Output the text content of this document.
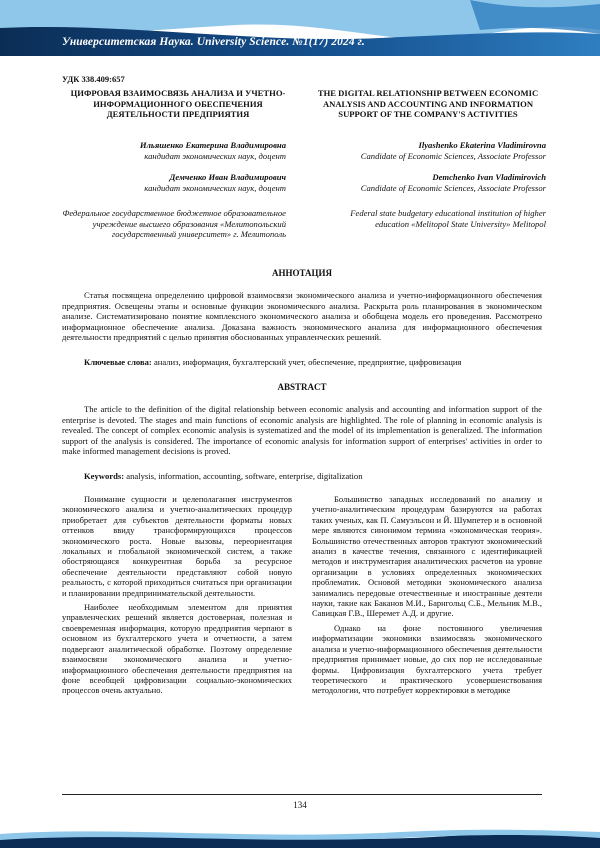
Университетская Наука. University Science. №1(17) 2024 г.
УДК 338.409:657
ЦИФРОВАЯ ВЗАИМОСВЯЗЬ АНАЛИЗА И УЧЕТНО-ИНФОРМАЦИОННОГО ОБЕСПЕЧЕНИЯ ДЕЯТЕЛЬНОСТИ ПРЕДПРИЯТИЯ
THE DIGITAL RELATIONSHIP BETWEEN ECONOMIC ANALYSIS AND ACCOUNTING AND INFORMATION SUPPORT OF THE COMPANY'S ACTIVITIES
Ильяшенко Екатерина Владимировна
кандидат экономических наук, доцент
Демченко Иван Владимирович
кандидат экономических наук, доцент
Ilyashenko Ekaterina Vladimirovna
Candidate of Economic Sciences, Associate Professor
Demchenko Ivan Vladimirovich
Candidate of Economic Sciences, Associate Professor
Федеральное государственное бюджетное образовательное учреждение высшего образования «Мелитопольский государственный университет» г. Мелитополь
Federal state budgetary educational institution of higher education «Melitopol State University» Melitopol
АННОТАЦИЯ

Статья посвящена определению цифровой взаимосвязи экономического анализа и учетно-информационного обеспечения предприятия. Освещены этапы и основные функции экономического анализа. Раскрыта роль планирования в экономическом анализе. Систематизировано понятие комплексного экономического анализа и обобщена модель его проведения. Рассмотрено информационное обеспечение анализа. Доказана важность экономического анализа для информационного обеспечения деятельности предприятий с целью принятия обоснованных управленческих решений.

Ключевые слова: анализ, информация, бухгалтерский учет, обеспечение, предприятие, цифровизация
ABSTRACT

The article to the definition of the digital relationship between economic analysis and accounting and information support of the enterprise is devoted. The stages and main functions of economic analysis are highlighted. The role of planning in economic analysis is revealed. The concept of complex economic analysis is systematized and the model of its implementation is generalized. The information support of the analysis is considered. The importance of economic analysis for information support of enterprises' activities in order to make informed management decisions is proved.

Keywords: analysis, information, accounting, software, enterprise, digitalization

Понимание сущности и целеполагания инструментов экономического анализа и учетно-аналитических процедур приобретает для субъектов деятельности форматы новых оттенков ввиду трансформирующихся процессов экономического роста. Новые вызовы, переориентация локальных и глобальной экономической систем, а также обостряющаяся конкурентная борьба за ресурсное обеспечение деятельности представляют собой новую реальность, с которой приходиться считаться при организации и планировании предпринимательской деятельности.

Наиболее необходимым элементом для принятия управленческих решений является достоверная, полезная и своевременная информация, которую предприятия черпают в основном из бухгалтерского учета и отчетности, а затем подвергают аналитической обработке. Поэтому определение взаимосвязи экономического анализа и учетно-информационного обеспечения деятельности предприятия на фоне всеобщей цифровизации социально-экономических процессов очень актуально.

Большинство западных исследований по анализу и учетно-аналитическим процедурам базируются на работах таких ученых, как П. Самуэльсон и Й. Шумпетер и в основной мере являются синонимом термина «экономическая теория». Большинство отечественных авторов трактуют экономический анализ в качестве течения, связанного с идентификацией методов и инструментария аналитических расчетов на уровне организации в условиях определенных экономических проблематик. Основой методики экономического анализа занимались передовые отечественные и иностранные деятели науки, такие как Баканов М.И., Барнгольц С.Б., Мельник М.В., Савицкая Г.В., Шеремет А.Д. и другие.

Однако на фоне постоянного увеличения информатизации экономики взаимосвязь экономического анализа и учетно-информационного обеспечения деятельности предприятия принимает новые, до сих пор не исследованные формы. Цифровизация бухгалтерского учета требует теоретического и практического усовершенствования методологии, что потребует корректировки в методике

134
